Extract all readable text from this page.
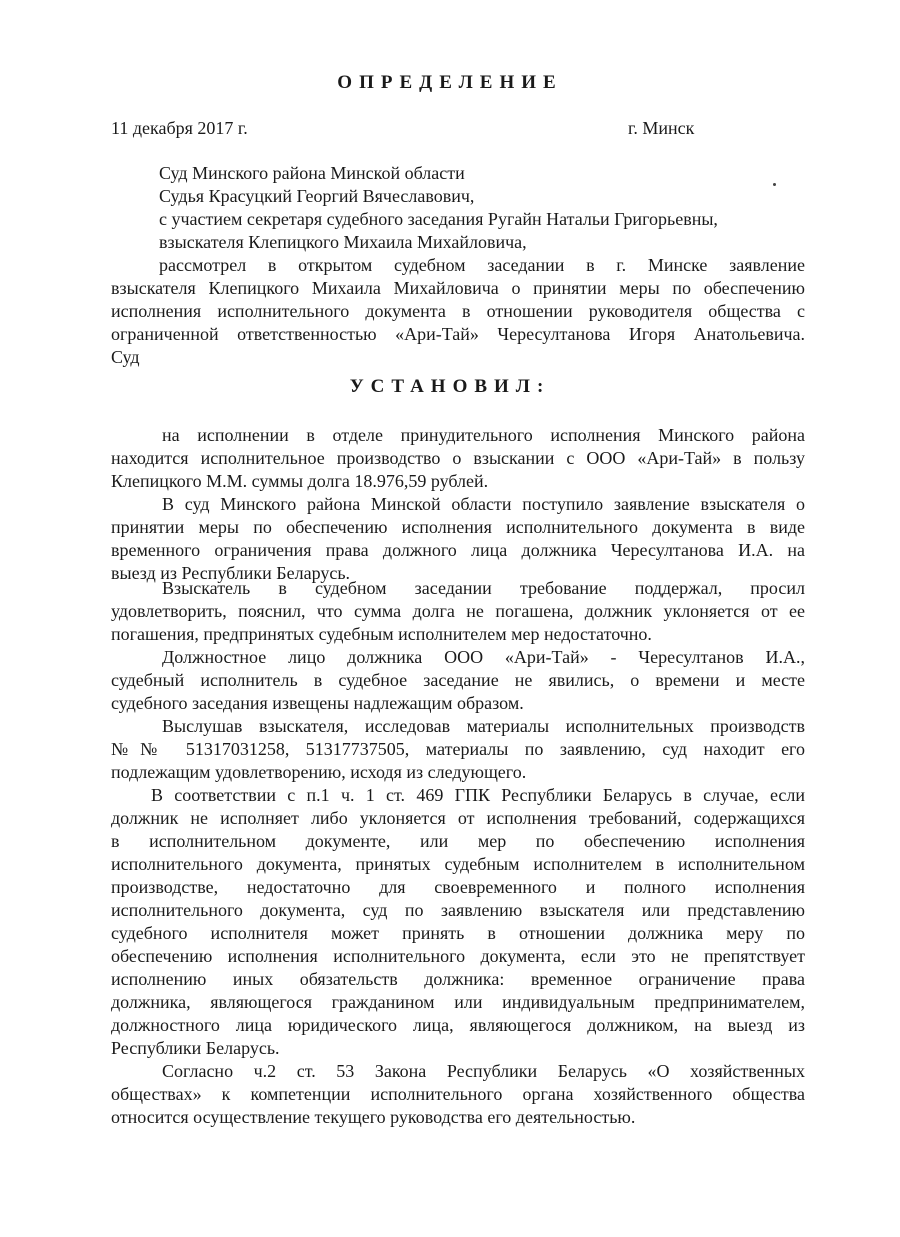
ОПРЕДЕЛЕНИЕ
11 декабря 2017 г.	г. Минск
Суд Минского района Минской области
Судья Красуцкий Георгий Вячеславович,
с участием секретаря судебного заседания Ругайн Натальи Григорьевны,
взыскателя Клепицкого Михаила Михайловича,
рассмотрел в открытом судебном заседании в г. Минске заявление
взыскателя Клепицкого Михаила Михайловича о принятии меры по обеспечению
исполнения исполнительного документа в отношении руководителя общества с
ограниченной ответственностью «Ари-Тай» Чересултанова Игоря Анатольевича.
Суд
УСТАНОВИЛ:
на исполнении в отделе принудительного исполнения Минского района
находится исполнительное производство о взыскании с ООО «Ари-Тай» в пользу
Клепицкого М.М. суммы долга 18.976,59 рублей.
В суд Минского района Минской области поступило заявление взыскателя о
принятии меры по обеспечению исполнения исполнительного документа в виде
временного ограничения права должного лица должника Чересултанова И.А. на
выезд из Республики Беларусь.
Взыскатель в судебном заседании требование поддержал, просил
удовлетворить, пояснил, что сумма долга не погашена, должник уклоняется от ее
погашения, предпринятых судебным исполнителем мер недостаточно.
Должностное лицо должника ООО «Ари-Тай» - Чересултанов И.А.,
судебный исполнитель в судебное заседание не явились, о времени и месте
судебного заседания извещены надлежащим образом.
Выслушав взыскателя, исследовав материалы исполнительных производств
№№ 51317031258, 51317737505, материалы по заявлению, суд находит его
подлежащим удовлетворению, исходя из следующего.
В соответствии с п.1 ч. 1 ст. 469 ГПК Республики Беларусь в случае, если
должник не исполняет либо уклоняется от исполнения требований, содержащихся
в исполнительном документе, или мер по обеспечению исполнения
исполнительного документа, принятых судебным исполнителем в исполнительном
производстве, недостаточно для своевременного и полного исполнения
исполнительного документа, суд по заявлению взыскателя или представлению
судебного исполнителя может принять в отношении должника меру по
обеспечению исполнения исполнительного документа, если это не препятствует
исполнению иных обязательств должника: временное ограничение права
должника, являющегося гражданином или индивидуальным предпринимателем,
должностного лица юридического лица, являющегося должником, на выезд из
Республики Беларусь.
Согласно ч.2 ст. 53 Закона Республики Беларусь «О хозяйственных
обществах» к компетенции исполнительного органа хозяйственного общества
относится осуществление текущего руководства его деятельностью.
